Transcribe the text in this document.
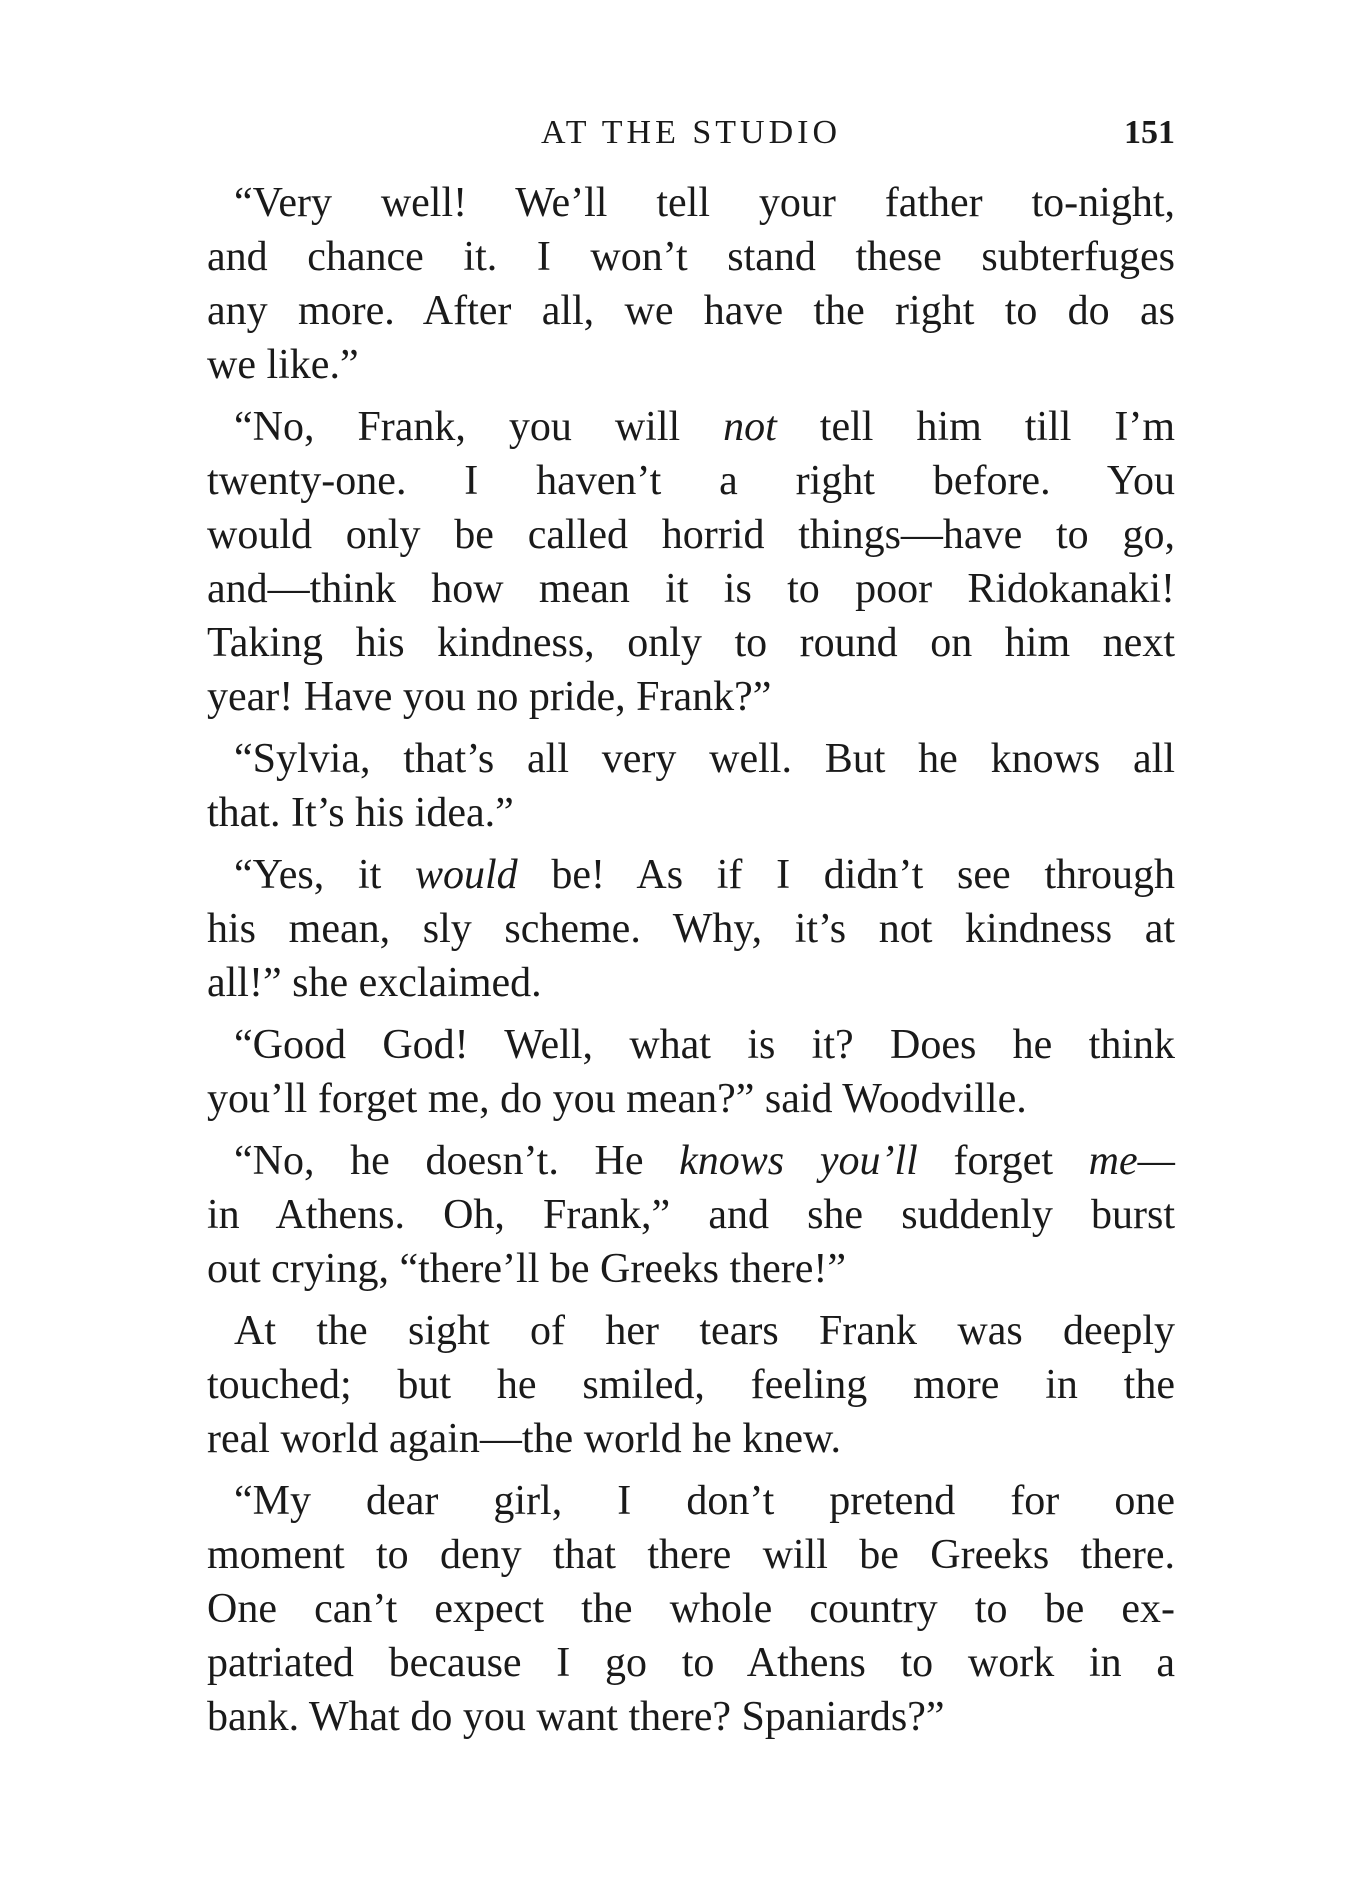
AT THE STUDIO	151

“Very well! We’ll tell your father to-night,
and chance it. I won’t stand these subterfuges
any more. After all, we have the right to do as
we like.”

“No, Frank, you will not tell him till I’m
twenty-one. I haven’t a right before. You
would only be called horrid things—have to go,
and—think how mean it is to poor Ridokanaki!
Taking his kindness, only to round on him next
year! Have you no pride, Frank?”

“Sylvia, that’s all very well. But he knows all
that. It’s his idea.”

“Yes, it would be! As if I didn’t see through
his mean, sly scheme. Why, it’s not kindness at
all!” she exclaimed.

“Good God! Well, what is it? Does he think
you’ll forget me, do you mean?” said Woodville.

“No, he doesn’t. He knows you’ll forget me—
in Athens. Oh, Frank,” and she suddenly burst
out crying, “there’ll be Greeks there!”

At the sight of her tears Frank was deeply
touched; but he smiled, feeling more in the
real world again—the world he knew.

“My dear girl, I don’t pretend for one
moment to deny that there will be Greeks there.
One can’t expect the whole country to be ex-
patriated because I go to Athens to work in a
bank. What do you want there? Spaniards?”
